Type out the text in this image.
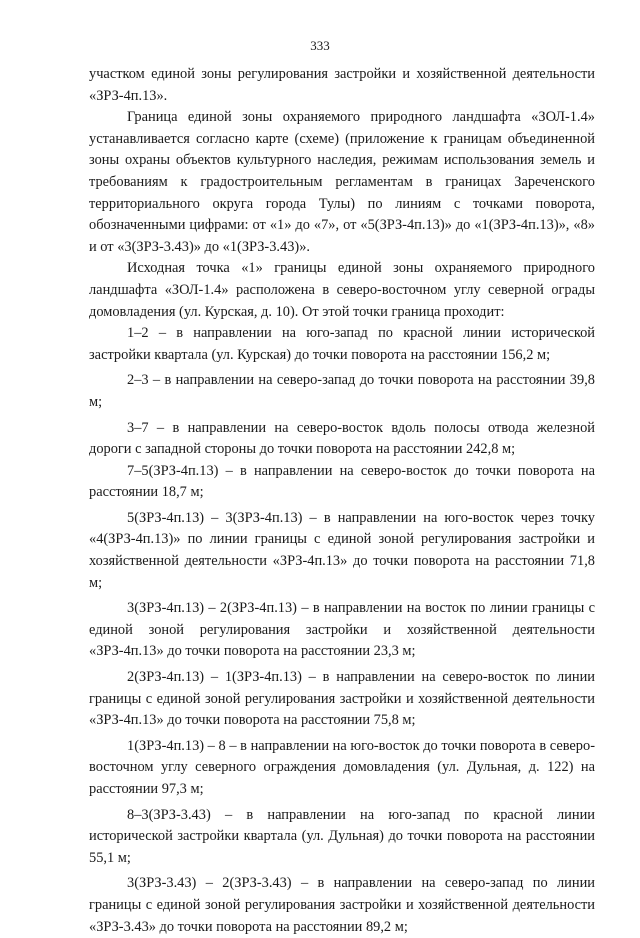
333

участком единой зоны регулирования застройки и хозяйственной деятельности «ЗРЗ-4п.13».

Граница единой зоны охраняемого природного ландшафта «ЗОЛ-1.4» устанавливается согласно карте (схеме) (приложение к границам объединенной зоны охраны объектов культурного наследия, режимам использования земель и требованиям к градостроительным регламентам в границах Зареченского территориального округа города Тулы) по линиям с точками поворота, обозначенными цифрами: от «1» до «7», от «5(ЗРЗ-4п.13)» до «1(ЗРЗ-4п.13)», «8» и от «3(ЗРЗ-3.43)» до «1(ЗРЗ-3.43)».

Исходная точка «1» границы единой зоны охраняемого природного ландшафта «ЗОЛ-1.4» расположена в северо-восточном углу северной ограды домовладения (ул. Курская, д. 10). От этой точки граница проходит:

1–2 – в направлении на юго-запад по красной линии исторической застройки квартала (ул. Курская) до точки поворота на расстоянии 156,2 м;

2–3 – в направлении на северо-запад до точки поворота на расстоянии 39,8 м;

3–7 – в направлении на северо-восток вдоль полосы отвода железной дороги с западной стороны до точки поворота на расстоянии 242,8 м;

7–5(ЗРЗ-4п.13) – в направлении на северо-восток до точки поворота на расстоянии 18,7 м;

5(ЗРЗ-4п.13) – 3(ЗРЗ-4п.13) – в направлении на юго-восток через точку «4(ЗРЗ-4п.13)» по линии границы с единой зоной регулирования застройки и хозяйственной деятельности «ЗРЗ-4п.13» до точки поворота на расстоянии 71,8 м;

3(ЗРЗ-4п.13) – 2(ЗРЗ-4п.13) – в направлении на восток по линии границы с единой зоной регулирования застройки и хозяйственной деятельности «ЗРЗ-4п.13» до точки поворота на расстоянии 23,3 м;

2(ЗРЗ-4п.13) – 1(ЗРЗ-4п.13) – в направлении на северо-восток по линии границы с единой зоной регулирования застройки и хозяйственной деятельности «ЗРЗ-4п.13» до точки поворота на расстоянии 75,8 м;

1(ЗРЗ-4п.13) – 8 – в направлении на юго-восток до точки поворота в северо-восточном углу северного ограждения домовладения (ул. Дульная, д. 122) на расстоянии 97,3 м;

8–3(ЗРЗ-3.43) – в направлении на юго-запад по красной линии исторической застройки квартала (ул. Дульная) до точки поворота на расстоянии 55,1 м;

3(ЗРЗ-3.43) – 2(ЗРЗ-3.43) – в направлении на северо-запад по линии границы с единой зоной регулирования застройки и хозяйственной деятельности «ЗРЗ-3.43» до точки поворота на расстоянии 89,2 м;
